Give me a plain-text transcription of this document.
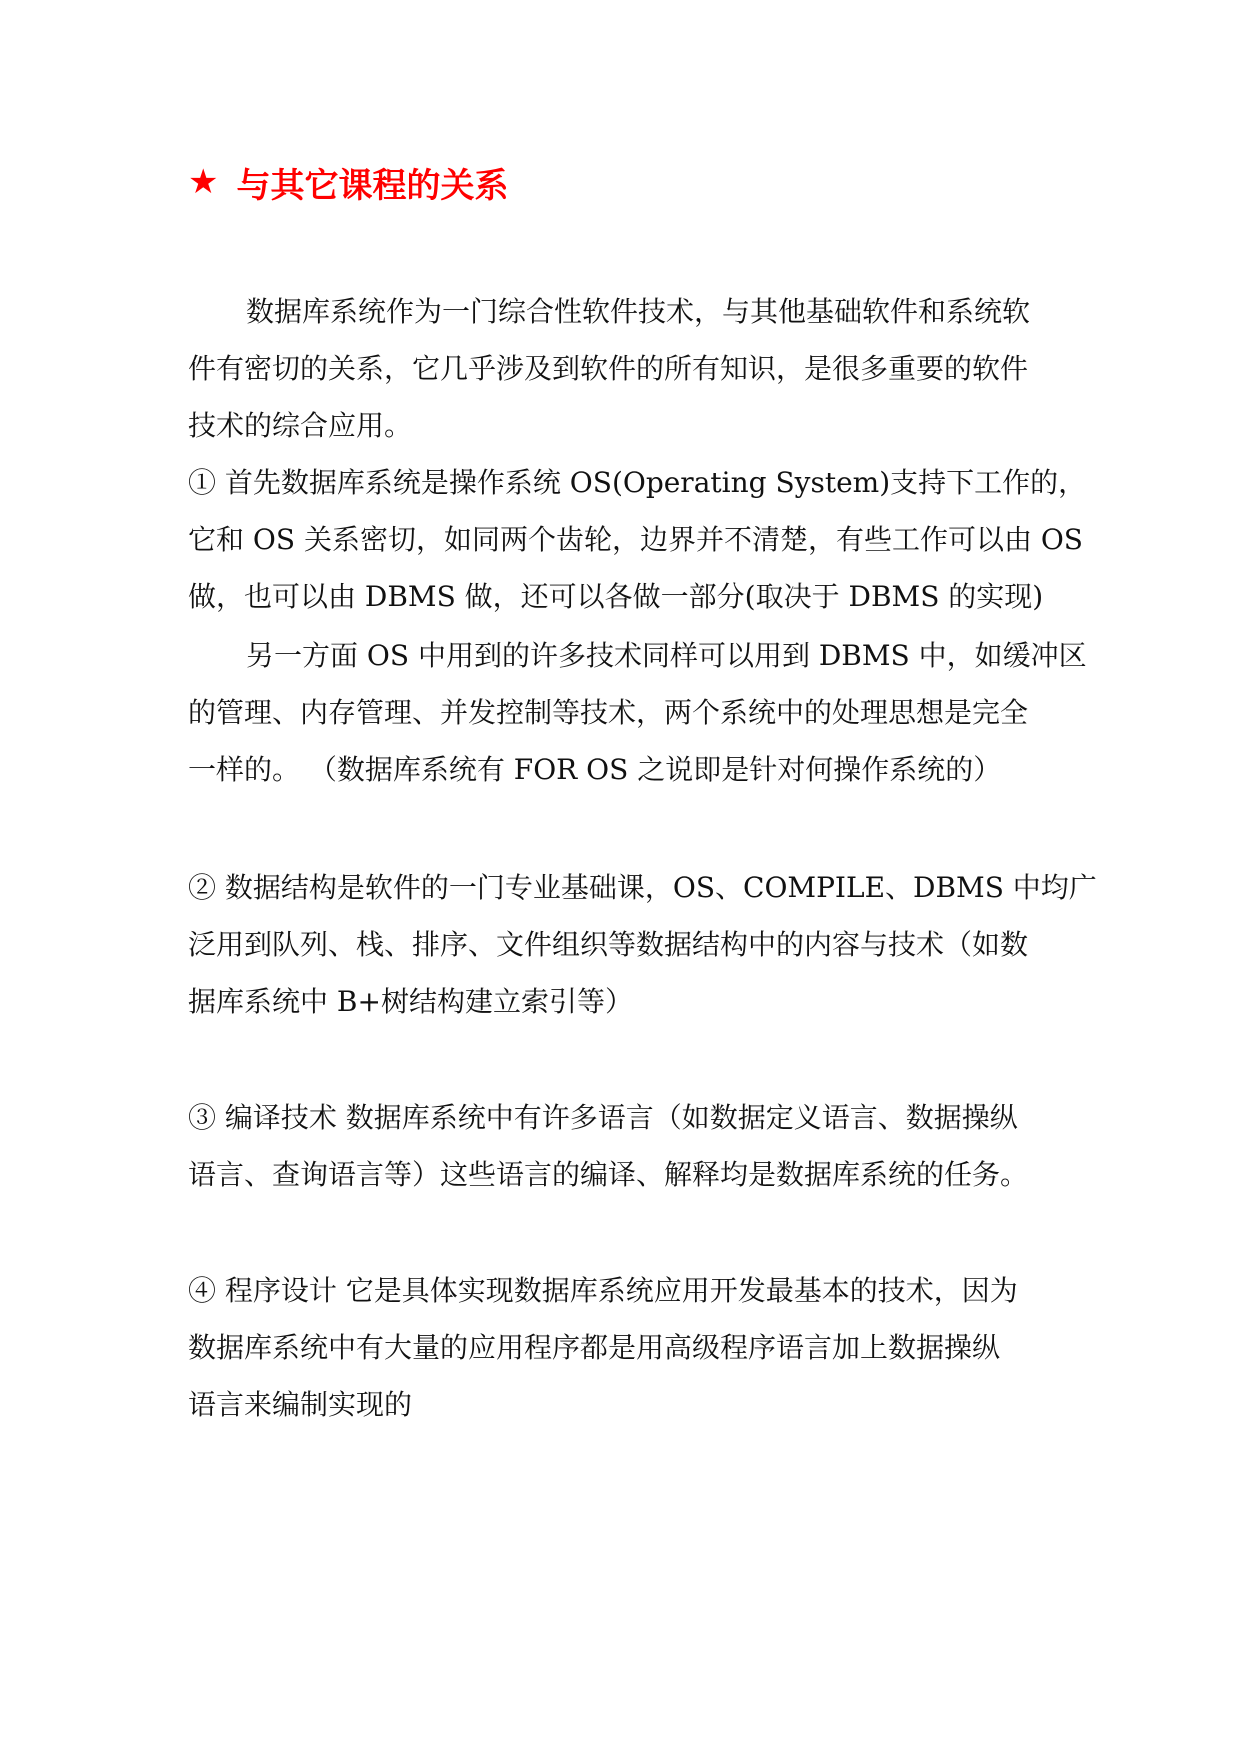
★ 与其它课程的关系
数据库系统作为一门综合性软件技术，与其他基础软件和系统软
件有密切的关系，它几乎涉及到软件的所有知识，是很多重要的软件
技术的综合应用。
① 首先数据库系统是操作系统 OS(Operating System)支持下工作的，
它和 OS 关系密切，如同两个齿轮，边界并不清楚，有些工作可以由 OS
做，也可以由 DBMS 做，还可以各做一部分(取决于 DBMS 的实现)
另一方面 OS 中用到的许多技术同样可以用到 DBMS 中，如缓冲区
的管理、内存管理、并发控制等技术，两个系统中的处理思想是完全
一样的。 （数据库系统有 FOR OS 之说即是针对何操作系统的）
② 数据结构是软件的一门专业基础课，OS、COMPILE、DBMS 中均广
泛用到队列、栈、排序、文件组织等数据结构中的内容与技术（如数
据库系统中 B+树结构建立索引等）
③ 编译技术 数据库系统中有许多语言（如数据定义语言、数据操纵
语言、查询语言等）这些语言的编译、解释均是数据库系统的任务。
④ 程序设计 它是具体实现数据库系统应用开发最基本的技术，因为
数据库系统中有大量的应用程序都是用高级程序语言加上数据操纵
语言来编制实现的
